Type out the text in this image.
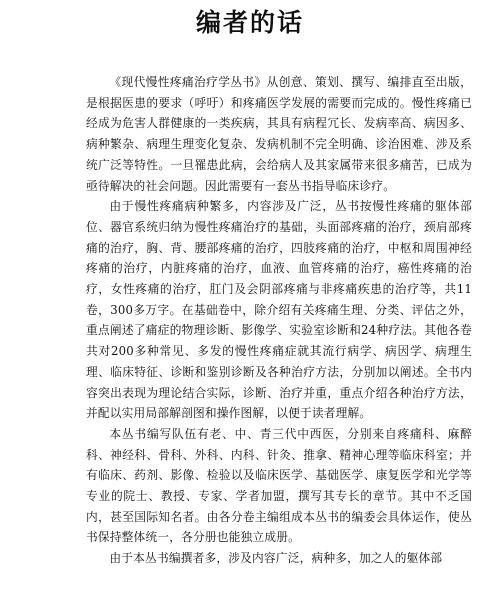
编者的话

《现代慢性疼痛治疗学丛书》从创意、策划、撰写、编排直至出版，是根据医患的要求（呼吁）和疼痛医学发展的需要而完成的。慢性疼痛已经成为危害人群健康的一类疾病，其具有病程冗长、发病率高、病因多、病种繁杂、病理生理变化复杂、发病机制不完全明确、诊治困难、涉及系统广泛等特性。一旦罹患此病，会给病人及其家属带来很多痛苦，已成为亟待解决的社会问题。因此需要有一套丛书指导临床诊疗。

由于慢性疼痛病种繁多，内容涉及广泛，丛书按慢性疼痛的躯体部位、器官系统归纳为慢性疼痛治疗的基础，头面部疼痛的治疗，颈肩部疼痛的治疗，胸、背、腰部疼痛的治疗，四肢疼痛的治疗，中枢和周围神经疼痛的治疗，内脏疼痛的治疗，血液、血管疼痛的治疗，癌性疼痛的治疗，女性疼痛的治疗，肛门及会阴部疼痛与非疼痛疾患的治疗等，共11卷，300多万字。在基础卷中，除介绍有关疼痛生理、分类、评估之外，重点阐述了痛症的物理诊断、影像学、实验室诊断和24种疗法。其他各卷共对200多种常见、多发的慢性疼痛症就其流行病学、病因学、病理生理、临床特征、诊断和鉴别诊断及各种治疗方法，分别加以阐述。全书内容突出表现为理论结合实际，诊断、治疗并重，重点介绍各种治疗方法，并配以实用局部解剖图和操作图解，以便于读者理解。

本丛书编写队伍有老、中、青三代中西医，分别来自疼痛科、麻醉科、神经科、骨科、外科、内科、针灸、推拿、精神心理等临床科室；并有临床、药剂、影像、检验以及临床医学、基础医学、康复医学和光学等专业的院士、教授、专家、学者加盟，撰写其专长的章节。其中不乏国内，甚至国际知名者。由各分卷主编组成本丛书的编委会具体运作，使丛书保持整体统一，各分册也能独立成册。

由于本丛书编撰者多，涉及内容广泛，病种多，加之人的躯体部
